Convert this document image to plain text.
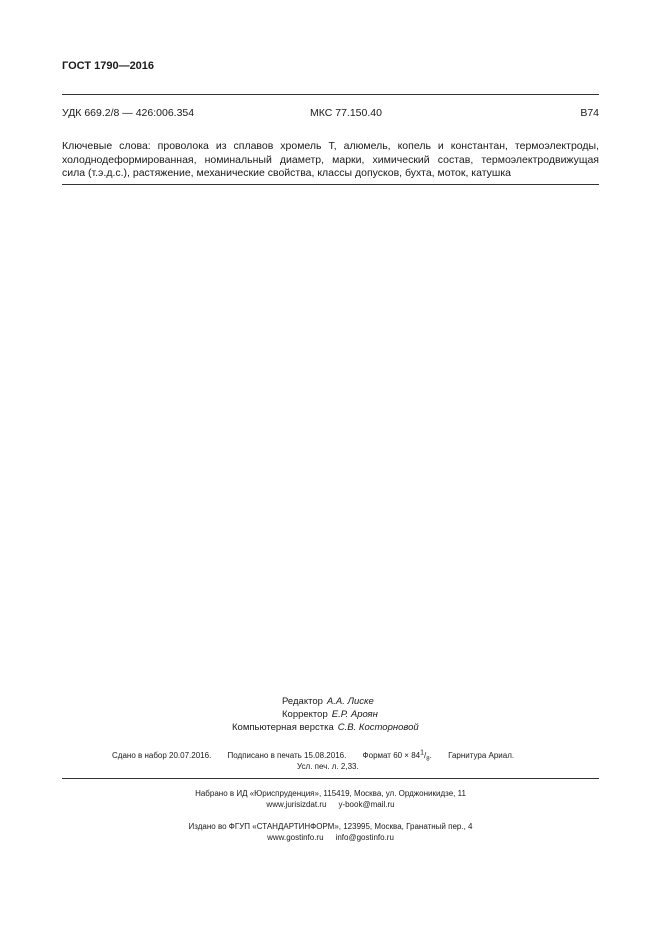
ГОСТ 1790—2016
УДК 669.2/8 — 426:006.354	МКС 77.150.40	В74
Ключевые слова: проволока из сплавов хромель Т, алюмель, копель и константан, термоэлектроды,
холоднодеформированная, номинальный диаметр, марки, химический состав, термоэлектродвижущая
сила (т.э.д.с.), растяжение, механические свойства, классы допусков, бухта, моток, катушка
Редактор А.А. Лиске
Корректор Е.Р. Ароян
Компьютерная верстка С.В. Косторновой
Сдано в набор 20.07.2016. Подписано в печать 15.08.2016. Формат $60 \times 84^1/_8$. Гарнитура Ариал.
Усл. печ. л. 2,33.
Набрано в ИД «Юриспруденция», 115419, Москва, ул. Орджоникидзе, 11
www.jurisizdat.ru y-book@mail.ru
Издано во ФГУП «СТАНДАРТИНФОРМ», 123995, Москва, Гранатный пер., 4
www.gostinfo.ru info@gostinfo.ru
